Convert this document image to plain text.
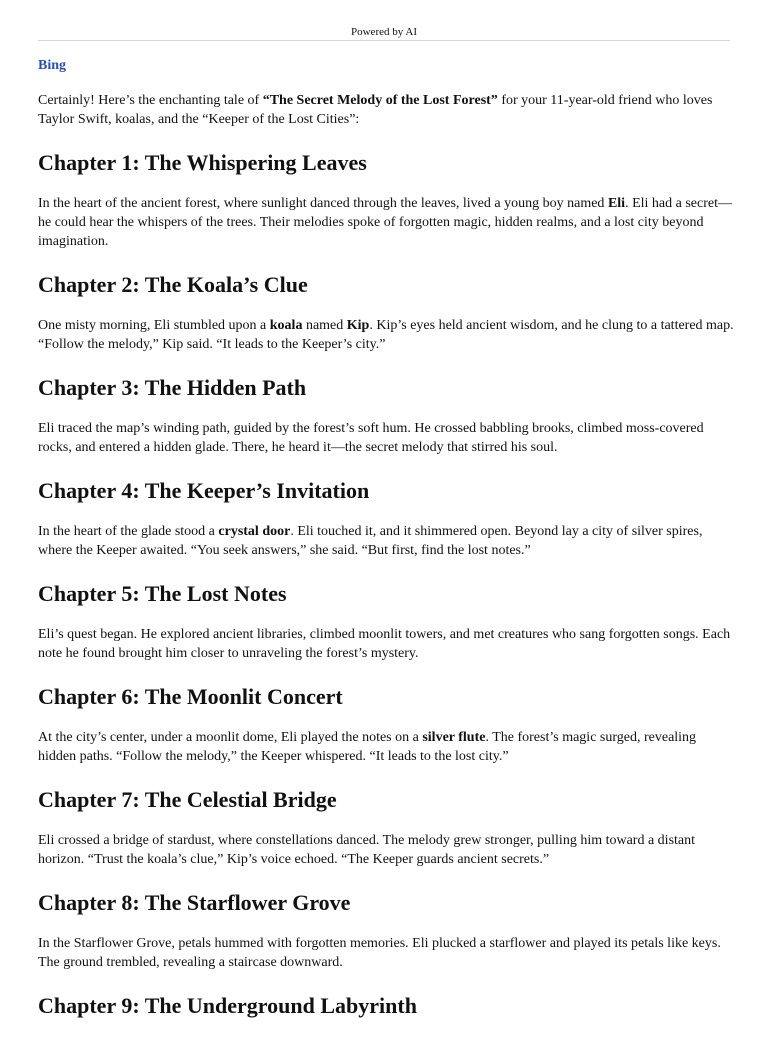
Powered by AI
Bing

Certainly! Here’s the enchanting tale of “The Secret Melody of the Lost Forest” for your 11-year-old friend who loves Taylor Swift, koalas, and the “Keeper of the Lost Cities”:

Chapter 1: The Whispering Leaves

In the heart of the ancient forest, where sunlight danced through the leaves, lived a young boy named Eli. Eli had a secret—he could hear the whispers of the trees. Their melodies spoke of forgotten magic, hidden realms, and a lost city beyond imagination.

Chapter 2: The Koala’s Clue

One misty morning, Eli stumbled upon a koala named Kip. Kip’s eyes held ancient wisdom, and he clung to a tattered map. “Follow the melody,” Kip said. “It leads to the Keeper’s city.”

Chapter 3: The Hidden Path

Eli traced the map’s winding path, guided by the forest’s soft hum. He crossed babbling brooks, climbed moss-covered rocks, and entered a hidden glade. There, he heard it—the secret melody that stirred his soul.

Chapter 4: The Keeper’s Invitation

In the heart of the glade stood a crystal door. Eli touched it, and it shimmered open. Beyond lay a city of silver spires, where the Keeper awaited. “You seek answers,” she said. “But first, find the lost notes.”

Chapter 5: The Lost Notes

Eli’s quest began. He explored ancient libraries, climbed moonlit towers, and met creatures who sang forgotten songs. Each note he found brought him closer to unraveling the forest’s mystery.

Chapter 6: The Moonlit Concert

At the city’s center, under a moonlit dome, Eli played the notes on a silver flute. The forest’s magic surged, revealing hidden paths. “Follow the melody,” the Keeper whispered. “It leads to the lost city.”

Chapter 7: The Celestial Bridge

Eli crossed a bridge of stardust, where constellations danced. The melody grew stronger, pulling him toward a distant horizon. “Trust the koala’s clue,” Kip’s voice echoed. “The Keeper guards ancient secrets.”

Chapter 8: The Starflower Grove

In the Starflower Grove, petals hummed with forgotten memories. Eli plucked a starflower and played its petals like keys. The ground trembled, revealing a staircase downward.

Chapter 9: The Underground Labyrinth
